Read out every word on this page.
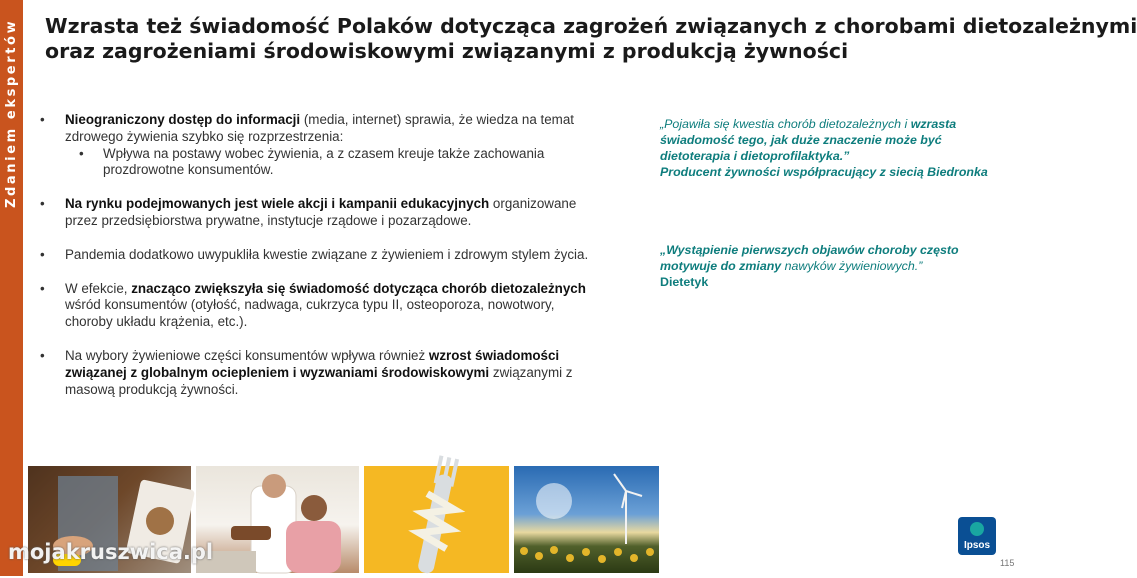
Zdaniem ekspertów Wzrasta też świadomość Polaków dotycząca zagrożeń związanych z chorobami dietozależnymi
oraz zagrożeniami środowiskowymi związanymi z produkcją żywności
• Nieograniczony dostęp do informacji (media, internet) sprawia, że wiedza na temat zdrowego żywienia szybko się rozprzestrzenia:
• Wpływa na postawy wobec żywienia, a z czasem kreuje także zachowania prozdrowotne konsumentów.
• Na rynku podejmowanych jest wiele akcji i kampanii edukacyjnych organizowane przez przedsiębiorstwa prywatne, instytucje rządowe i pozarządowe.
• Pandemia dodatkowo uwypukliła kwestie związane z żywieniem i zdrowym stylem życia.
• W efekcie, znacząco zwiększyła się świadomość dotycząca chorób dietozależnych wśród konsumentów (otyłość, nadwaga, cukrzyca typu II, osteoporoza, nowotwory, choroby układu krążenia, etc.).
• Na wybory żywieniowe części konsumentów wpływa również wzrost świadomości związanej z globalnym ociepleniem i wyzwaniami środowiskowymi związanymi z masową produkcją żywności.
„Pojawiła się kwestia chorób dietozależnych i wzrasta świadomość tego, jak duże znaczenie może być dietoterapia i dietoprofilaktyka.”
Producent żywności współpracujący z siecią Biedronka
„Wystąpienie pierwszych objawów choroby często motywuje do zmiany nawyków żywieniowych.”
Dietetyk
Ipsos
115
mojakruszwica.pl
